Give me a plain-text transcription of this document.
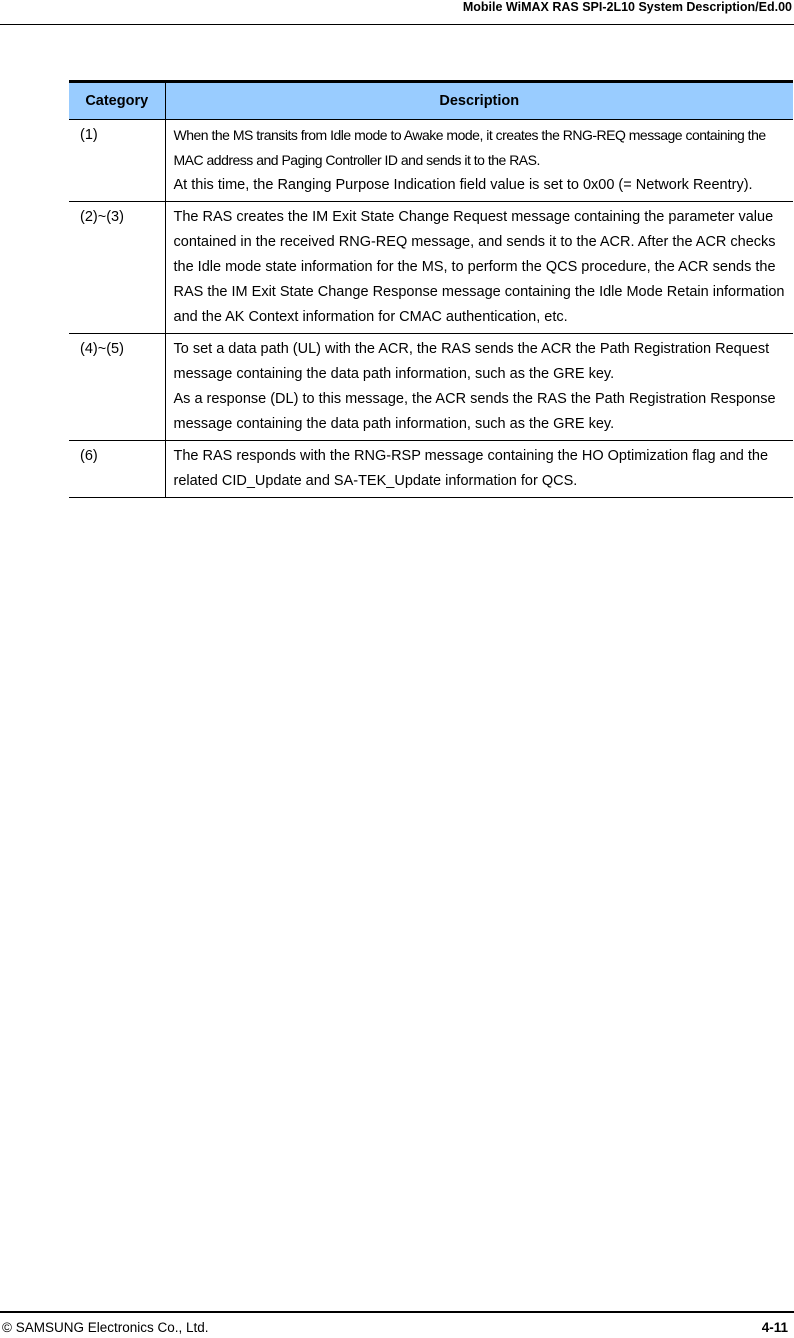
Mobile WiMAX RAS SPI-2L10 System Description/Ed.00
Category	Description
(1)	When the MS transits from Idle mode to Awake mode, it creates the RNG-REQ message containing the MAC address and Paging Controller ID and sends it to the RAS.
At this time, the Ranging Purpose Indication field value is set to 0x00 (= Network Reentry).

(2)~(3)	The RAS creates the IM Exit State Change Request message containing the parameter value contained in the received RNG-REQ message, and sends it to the ACR. After the ACR checks the Idle mode state information for the MS, to perform the QCS procedure, the ACR sends the RAS the IM Exit State Change Response message containing the Idle Mode Retain information and the AK Context information for CMAC authentication, etc.

(4)~(5)	To set a data path (UL) with the ACR, the RAS sends the ACR the Path Registration Request message containing the data path information, such as the GRE key.
As a response (DL) to this message, the ACR sends the RAS the Path Registration Response message containing the data path information, such as the GRE key.

(6)	The RAS responds with the RNG-RSP message containing the HO Optimization flag and the related CID_Update and SA-TEK_Update information for QCS.
© SAMSUNG Electronics Co., Ltd.	4-11
